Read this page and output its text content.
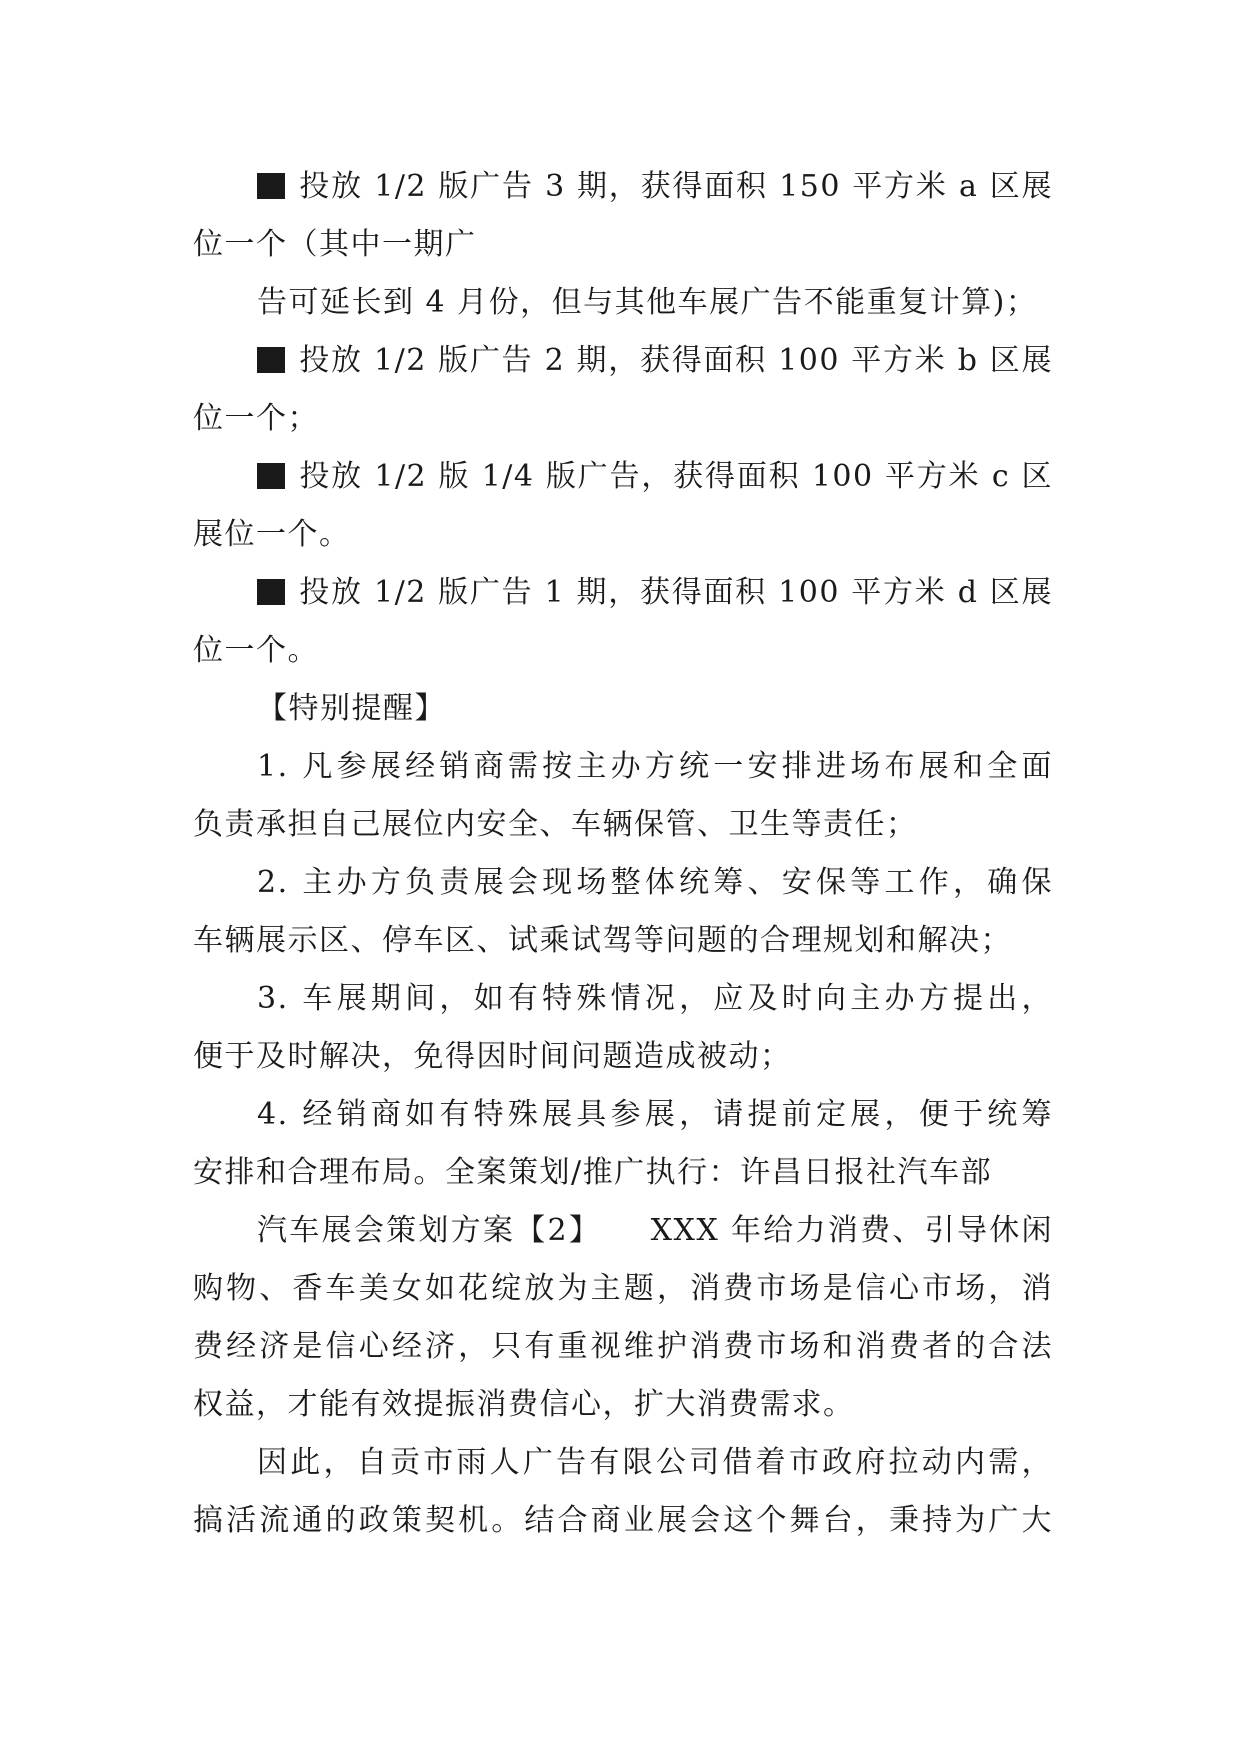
投放 1/2 版广告 3 期，获得面积 150 平方米 a 区展
位一个（其中一期广
告可延长到 4 月份，但与其他车展广告不能重复计算)；
投放 1/2 版广告 2 期，获得面积 100 平方米 b 区展
位一个；
投放 1/2 版 1/4 版广告，获得面积 100 平方米 c 区
展位一个。
投放 1/2 版广告 1 期，获得面积 100 平方米 d 区展
位一个。
【特别提醒】
1. 凡参展经销商需按主办方统一安排进场布展和全面
负责承担自己展位内安全、车辆保管、卫生等责任；
2. 主办方负责展会现场整体统筹、安保等工作，确保
车辆展示区、停车区、试乘试驾等问题的合理规划和解决；
3. 车展期间，如有特殊情况，应及时向主办方提出，
便于及时解决，免得因时间问题造成被动；
4. 经销商如有特殊展具参展，请提前定展，便于统筹
安排和合理布局。全案策划/推广执行：许昌日报社汽车部
汽车展会策划方案【2】　　XXX 年给力消费、引导休闲
购物、香车美女如花绽放为主题，消费市场是信心市场，消
费经济是信心经济，只有重视维护消费市场和消费者的合法
权益，才能有效提振消费信心，扩大消费需求。
因此，自贡市雨人广告有限公司借着市政府拉动内需，
搞活流通的政策契机。结合商业展会这个舞台，秉持为广大
